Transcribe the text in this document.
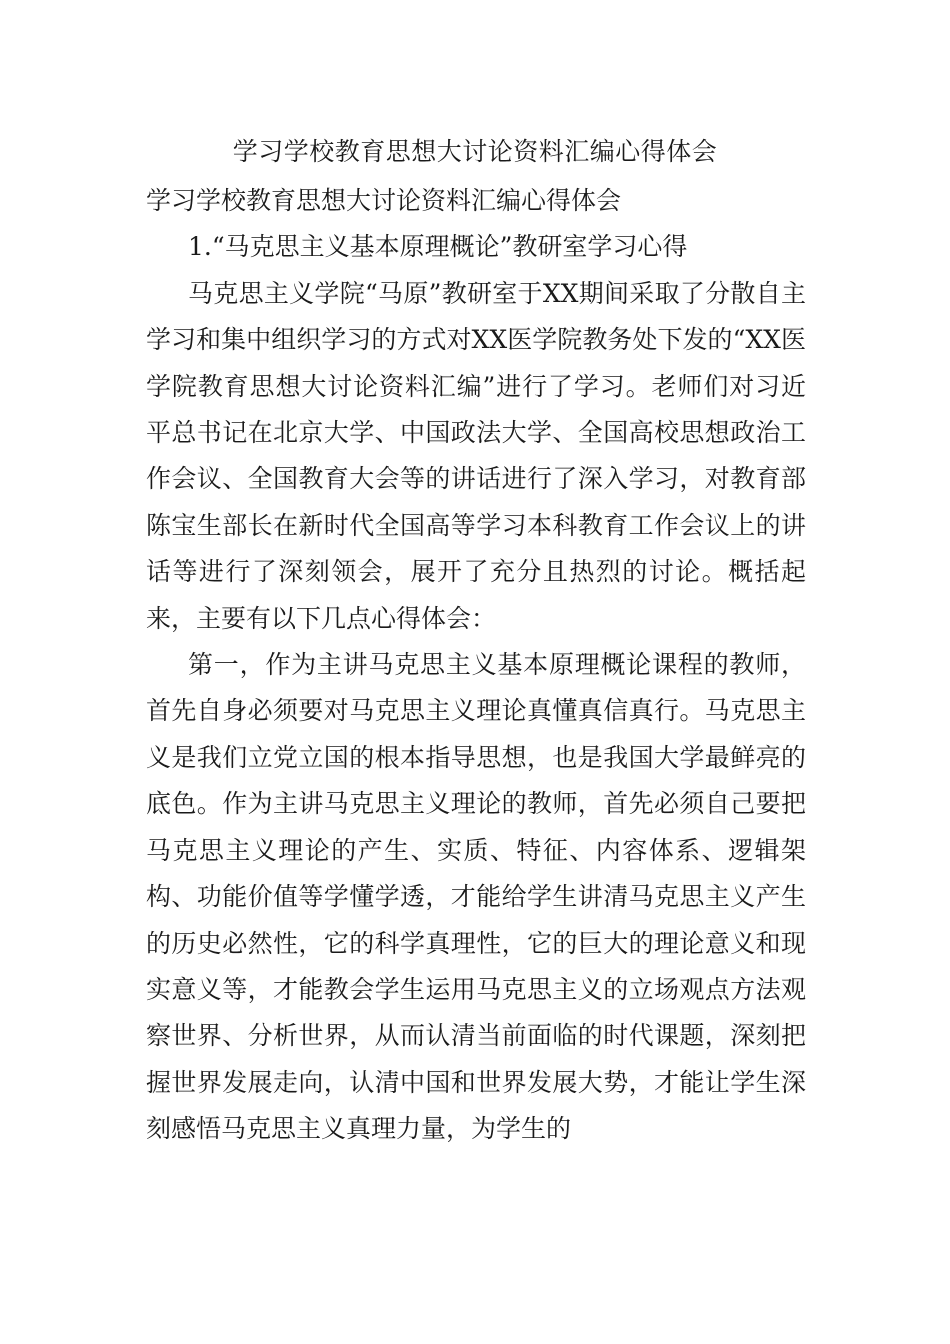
学习学校教育思想大讨论资料汇编心得体会

学习学校教育思想大讨论资料汇编心得体会

1.“马克思主义基本原理概论”教研室学习心得

马克思主义学院“马原”教研室于XX期间采取了分散自主学习和集中组织学习的方式对XX医学院教务处下发的“XX医学院教育思想大讨论资料汇编”进行了学习。老师们对习近平总书记在北京大学、中国政法大学、全国高校思想政治工作会议、全国教育大会等的讲话进行了深入学习，对教育部陈宝生部长在新时代全国高等学习本科教育工作会议上的讲话等进行了深刻领会，展开了充分且热烈的讨论。概括起来，主要有以下几点心得体会：

第一，作为主讲马克思主义基本原理概论课程的教师，首先自身必须要对马克思主义理论真懂真信真行。马克思主义是我们立党立国的根本指导思想，也是我国大学最鲜亮的底色。作为主讲马克思主义理论的教师，首先必须自己要把马克思主义理论的产生、实质、特征、内容体系、逻辑架构、功能价值等学懂学透，才能给学生讲清马克思主义产生的历史必然性，它的科学真理性，它的巨大的理论意义和现实意义等，才能教会学生运用马克思主义的立场观点方法观察世界、分析世界，从而认清当前面临的时代课题，深刻把握世界发展走向，认清中国和世界发展大势，才能让学生深刻感悟马克思主义真理力量，为学生的
